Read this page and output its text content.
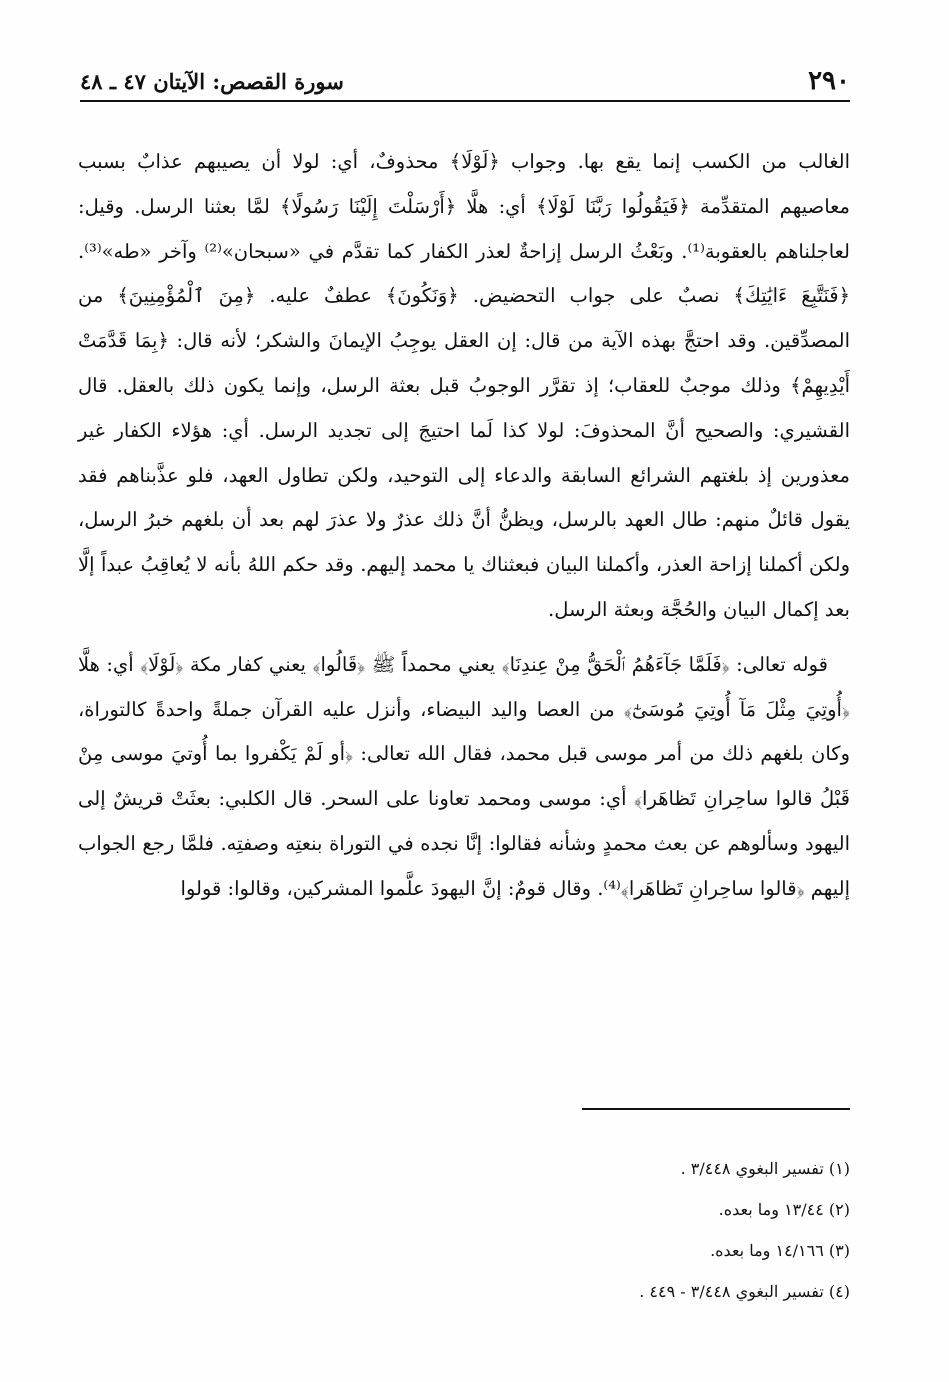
٢٩٠
سورة القصص: الآيتان ٤٧ ـ ٤٨

الغالب من الكسب إنما يقع بها. وجواب ﴿لَوْلَا﴾ محذوفٌ، أي: لولا أن يصيبهم عذابٌ بسبب معاصيهم المتقدِّمة ﴿فَيَقُولُوا رَبَّنَا لَوْلَا﴾ أي: هلَّا ﴿أَرْسَلْتَ إِلَيْنَا رَسُولًا﴾ لمَّا بعثنا الرسل. وقيل: لعاجلناهم بالعقوبة⁽¹⁾. وبَعْثُ الرسل إزاحةٌ لعذر الكفار كما تقدَّم في «سبحان»⁽²⁾ وآخر «طه»⁽³⁾. ﴿فَنَتَّبِعَ ءَايَٰتِكَ﴾ نصبٌ على جواب التحضيض. ﴿وَنَكُونَ﴾ عطفٌ عليه. ﴿مِنَ ٱلْمُؤْمِنِينَ﴾ من المصدِّقين. وقد احتجَّ بهذه الآية من قال: إن العقل يوجِبُ الإيمانَ والشكر؛ لأنه قال: ﴿بِمَا قَدَّمَتْ أَيْدِيهِمْ﴾ وذلك موجبٌ للعقاب؛ إذ تقرَّر الوجوبُ قبل بعثة الرسل، وإنما يكون ذلك بالعقل. قال القشيري: والصحيح أنَّ المحذوفَ: لولا كذا لَما احتيجَ إلى تجديد الرسل. أي: هؤلاء الكفار غير معذورين إذ بلغتهم الشرائع السابقة والدعاء إلى التوحيد، ولكن تطاول العهد، فلو عذَّبناهم فقد يقول قائلٌ منهم: طال العهد بالرسل، ويظنُّ أنَّ ذلك عذرٌ ولا عذرَ لهم بعد أن بلغهم خبرُ الرسل، ولكن أكملنا إزاحة العذر، وأكملنا البيان فبعثناك يا محمد إليهم. وقد حكم اللهُ بأنه لا يُعاقِبُ عبداً إلَّا بعد إكمال البيان والحُجَّة وبعثة الرسل.

قوله تعالى: ﴿فَلَمَّا جَآءَهُمُ ٱلْحَقُّ مِنْ عِندِنَا﴾ يعني محمداً ﷺ ﴿قَالُوا﴾ يعني كفار مكة ﴿لَوْلَا﴾ أي: هلَّا ﴿أُوتِيَ مِثْلَ مَآ أُوتِيَ مُوسَىٰٓ﴾ من العصا واليد البيضاء، وأنزل عليه القرآن جملةً واحدةً كالتوراة، وكان بلغهم ذلك من أمر موسى قبل محمد، فقال الله تعالى: ﴿أو لَمْ يَكْفروا بما أُوتيَ موسى مِنْ قَبْلُ قالوا ساحِرانِ تَظاهَرا﴾ أي: موسى ومحمد تعاونا على السحر. قال الكلبي: بعثَتْ قريشٌ إلى اليهود وسألوهم عن بعث محمدٍ وشأنه فقالوا: إنَّا نجده في التوراة بنعتِه وصفتِه. فلمَّا رجع الجواب إليهم ﴿قالوا ساحِرانِ تَظاهَرا﴾⁽⁴⁾. وقال قومٌ: إنَّ اليهودَ علَّموا المشركين، وقالوا: قولوا

(١) تفسير البغوي ٣/٤٤٨ .
(٢) ١٣/٤٤ وما بعده.
(٣) ١٤/١٦٦ وما بعده.
(٤) تفسير البغوي ٣/٤٤٨ - ٤٤٩ .
